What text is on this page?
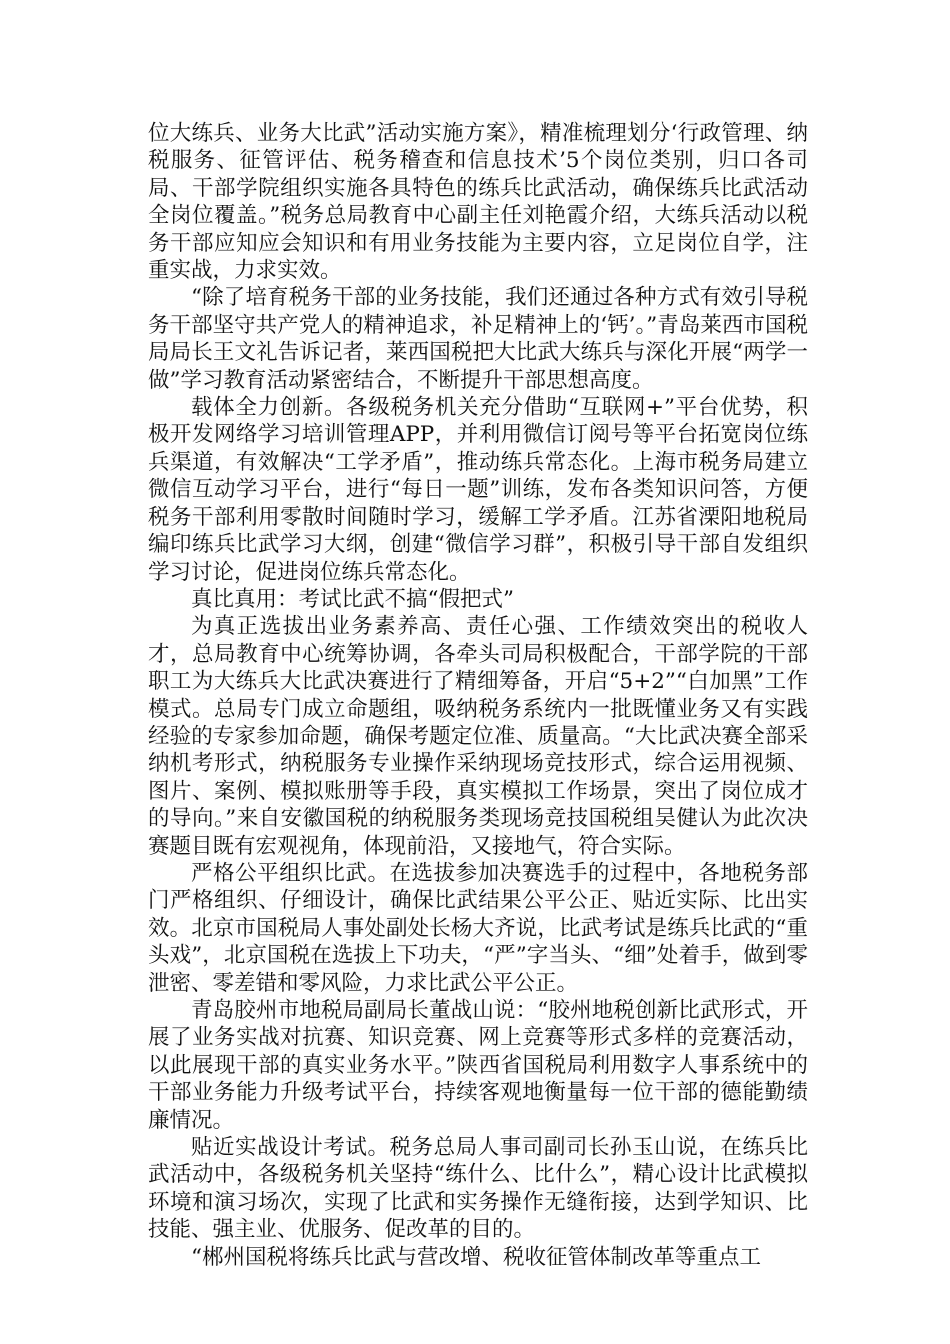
位大练兵、业务大比武”活动实施方案》，精准梳理划分‘行政管理、纳税服务、征管评估、税务稽查和信息技术’5个岗位类别，归口各司局、干部学院组织实施各具特色的练兵比武活动，确保练兵比武活动全岗位覆盖。”税务总局教育中心副主任刘艳霞介绍，大练兵活动以税务干部应知应会知识和有用业务技能为主要内容，立足岗位自学，注重实战，力求实效。

“除了培育税务干部的业务技能，我们还通过各种方式有效引导税务干部坚守共产党人的精神追求，补足精神上的‘钙’。”青岛莱西市国税局局长王文礼告诉记者，莱西国税把大比武大练兵与深化开展“两学一做”学习教育活动紧密结合，不断提升干部思想高度。

载体全力创新。各级税务机关充分借助“互联网+”平台优势，积极开发网络学习培训管理APP，并利用微信订阅号等平台拓宽岗位练兵渠道，有效解决“工学矛盾”，推动练兵常态化。上海市税务局建立微信互动学习平台，进行“每日一题”训练，发布各类知识问答，方便税务干部利用零散时间随时学习，缓解工学矛盾。江苏省溧阳地税局编印练兵比武学习大纲，创建“微信学习群”，积极引导干部自发组织学习讨论，促进岗位练兵常态化。

真比真用：考试比武不搞“假把式”

为真正选拔出业务素养高、责任心强、工作绩效突出的税收人才，总局教育中心统筹协调，各牵头司局积极配合，干部学院的干部职工为大练兵大比武决赛进行了精细筹备，开启“5+2”“白加黑”工作模式。总局专门成立命题组，吸纳税务系统内一批既懂业务又有实践经验的专家参加命题，确保考题定位准、质量高。“大比武决赛全部采纳机考形式，纳税服务专业操作采纳现场竞技形式，综合运用视频、图片、案例、模拟账册等手段，真实模拟工作场景，突出了岗位成才的导向。”来自安徽国税的纳税服务类现场竞技国税组吴健认为此次决赛题目既有宏观视角，体现前沿，又接地气，符合实际。

严格公平组织比武。在选拔参加决赛选手的过程中，各地税务部门严格组织、仔细设计，确保比武结果公平公正、贴近实际、比出实效。北京市国税局人事处副处长杨大齐说，比武考试是练兵比武的“重头戏”，北京国税在选拔上下功夫，“严”字当头、“细”处着手，做到零泄密、零差错和零风险，力求比武公平公正。

青岛胶州市地税局副局长董战山说：“胶州地税创新比武形式，开展了业务实战对抗赛、知识竞赛、网上竞赛等形式多样的竞赛活动，以此展现干部的真实业务水平。”陕西省国税局利用数字人事系统中的干部业务能力升级考试平台，持续客观地衡量每一位干部的德能勤绩廉情况。

贴近实战设计考试。税务总局人事司副司长孙玉山说，在练兵比武活动中，各级税务机关坚持“练什么、比什么”，精心设计比武模拟环境和演习场次，实现了比武和实务操作无缝衔接，达到学知识、比技能、强主业、优服务、促改革的目的。

“郴州国税将练兵比武与营改增、税收征管体制改革等重点工
